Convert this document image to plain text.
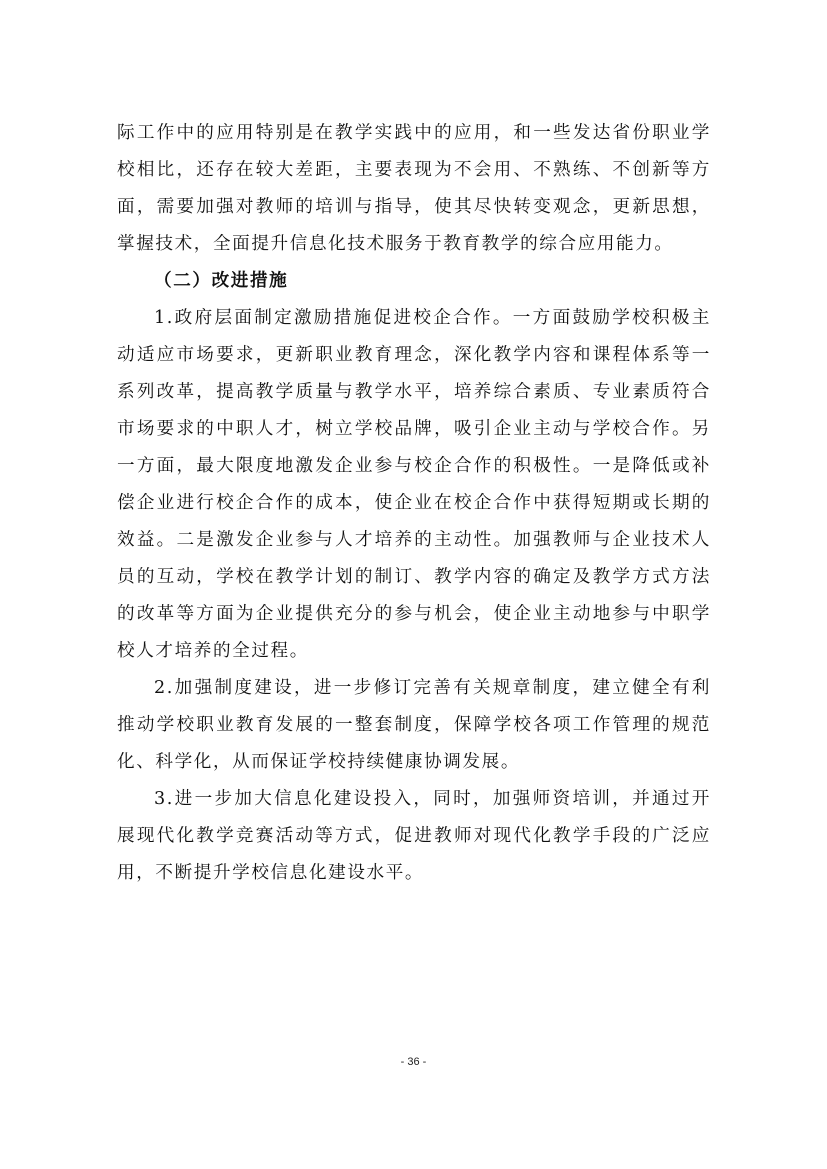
际工作中的应用特别是在教学实践中的应用，和一些发达省份职业学

校相比，还存在较大差距，主要表现为不会用、不熟练、不创新等方

面，需要加强对教师的培训与指导，使其尽快转变观念，更新思想，

掌握技术，全面提升信息化技术服务于教育教学的综合应用能力。

（二）改进措施

1.政府层面制定激励措施促进校企合作。一方面鼓励学校积极主

动适应市场要求，更新职业教育理念，深化教学内容和课程体系等一

系列改革，提高教学质量与教学水平，培养综合素质、专业素质符合

市场要求的中职人才，树立学校品牌，吸引企业主动与学校合作。另

一方面，最大限度地激发企业参与校企合作的积极性。一是降低或补

偿企业进行校企合作的成本，使企业在校企合作中获得短期或长期的

效益。二是激发企业参与人才培养的主动性。加强教师与企业技术人

员的互动，学校在教学计划的制订、教学内容的确定及教学方式方法

的改革等方面为企业提供充分的参与机会，使企业主动地参与中职学

校人才培养的全过程。

2.加强制度建设，进一步修订完善有关规章制度，建立健全有利

推动学校职业教育发展的一整套制度，保障学校各项工作管理的规范

化、科学化，从而保证学校持续健康协调发展。

3.进一步加大信息化建设投入，同时，加强师资培训，并通过开

展现代化教学竞赛活动等方式，促进教师对现代化教学手段的广泛应

用，不断提升学校信息化建设水平。

- 36 -
